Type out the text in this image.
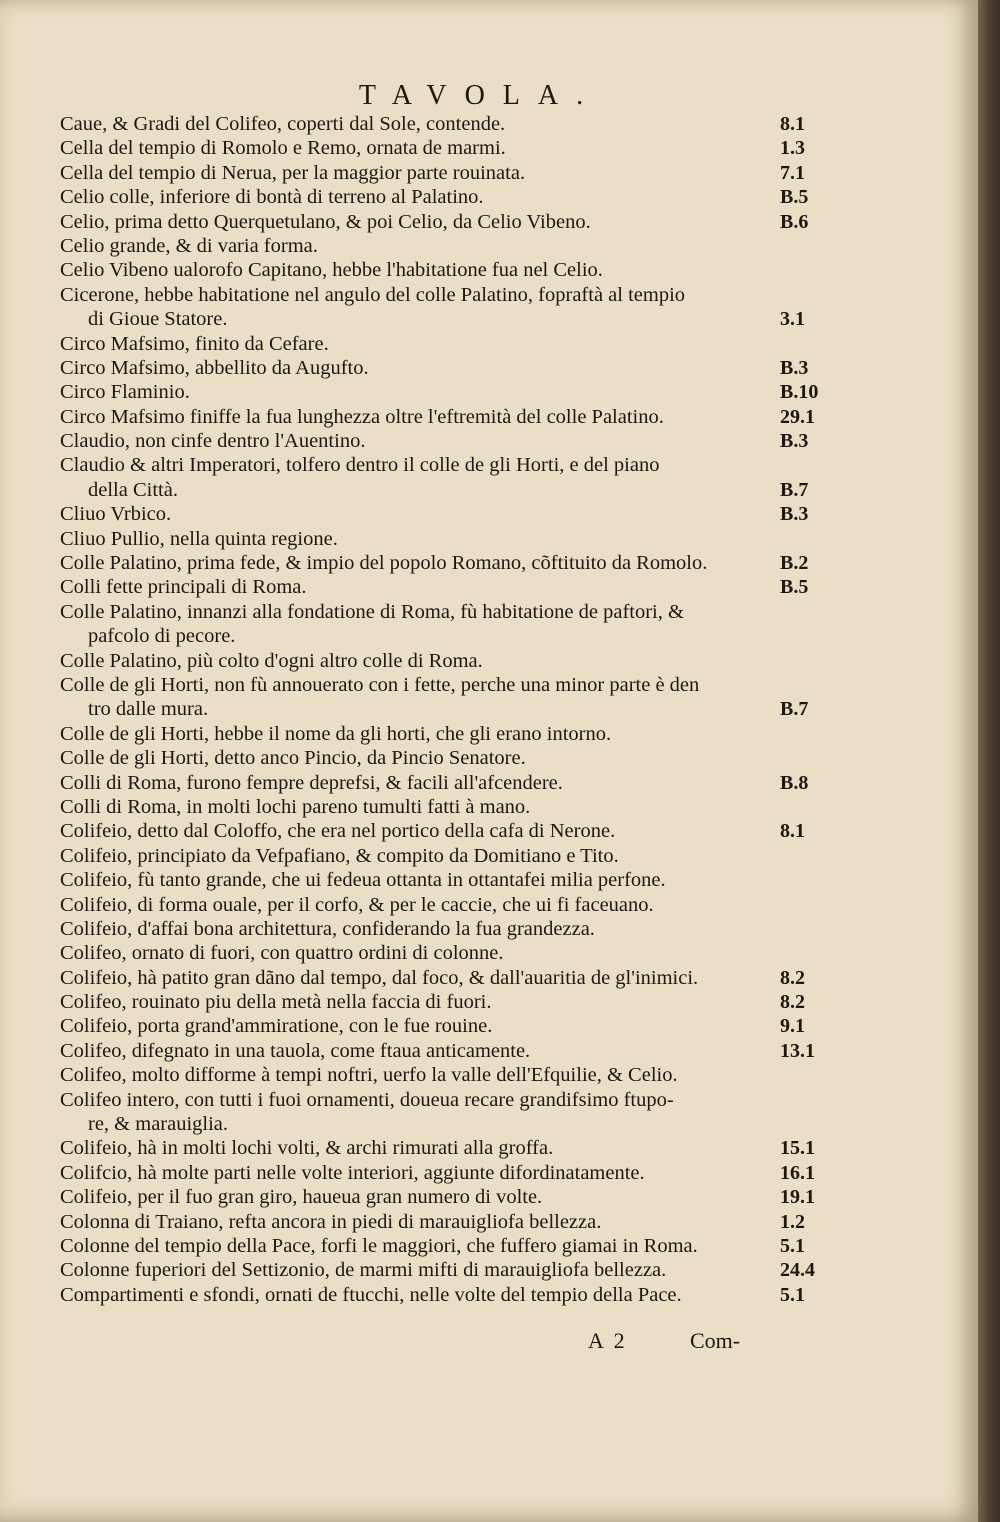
TAVOLA.
Caue, & Gradi del Colifeo, coperti dal Sole, contende.	8.1
Cella del tempio di Romolo e Remo, ornata de marmi.	1.3
Cella del tempio di Nerua, per la maggior parte rouinata.	7.1
Celio colle, inferiore di bontà di terreno al Palatino.	B.5
Celio, prima detto Querquetulano, & poi Celio, da Celio Vibeno.	B.6
Celio grande, & di varia forma.
Celio Vibeno ualorofo Capitano, hebbe l'habitatione fua nel Celio.
Cicerone, hebbe habitatione nel angulo del colle Palatino, fopraftà al tempio
di Gioue Statore.	3.1
Circo Mafsimo, finito da Cefare.
Circo Mafsimo, abbellito da Augufto.	B.3
Circo Flaminio.	B.10
Circo Mafsimo finiffe la fua lunghezza oltre l'eftremità del colle Palatino.	29.1
Claudio, non cinfe dentro l'Auentino.	B.3
Claudio & altri Imperatori, tolfero dentro il colle de gli Horti, e del piano
della Città.	B.7
Cliuo Vrbico.	B.3
Cliuo Pullio, nella quinta regione.
Colle Palatino, prima fede, & impio del popolo Romano, cõftituito da Romolo.	B.2
Colli fette principali di Roma.	B.5
Colle Palatino, innanzi alla fondatione di Roma, fù habitatione de paftori, &
pafcolo di pecore.
Colle Palatino, più colto d'ogni altro colle di Roma.
Colle de gli Horti, non fù annouerato con i fette, perche una minor parte è den
tro dalle mura.	B.7
Colle de gli Horti, hebbe il nome da gli horti, che gli erano intorno.
Colle de gli Horti, detto anco Pincio, da Pincio Senatore.
Colli di Roma, furono fempre deprefsi, & facili all'afcendere.	B.8
Colli di Roma, in molti lochi pareno tumulti fatti à mano.
Colifeio, detto dal Coloffo, che era nel portico della cafa di Nerone.	8.1
Colifeio, principiato da Vefpafiano, & compito da Domitiano e Tito.
Colifeio, fù tanto grande, che ui fedeua ottanta in ottantafei milia perfone.
Colifeio, di forma ouale, per il corfo, & per le caccie, che ui fi faceuano.
Colifeio, d'affai bona architettura, confiderando la fua grandezza.
Colifeo, ornato di fuori, con quattro ordini di colonne.
Colifeio, hà patito gran dãno dal tempo, dal foco, & dall'auaritia de gl'inimici.	8.2
Colifeo, rouinato piu della metà nella faccia di fuori.	8.2
Colifeio, porta grand'ammiratione, con le fue rouine.	9.1
Colifeo, difegnato in una tauola, come ftaua anticamente.	13.1
Colifeo, molto difforme à tempi noftri, uerfo la valle dell'Efquilie, & Celio.
Colifeo intero, con tutti i fuoi ornamenti, doueua recare grandifsimo ftupo-
re, & marauiglia.
Colifeio, hà in molti lochi volti, & archi rimurati alla groffa.	15.1
Colifcio, hà molte parti nelle volte interiori, aggiunte difordinatamente.	16.1
Colifeio, per il fuo gran giro, haueua gran numero di volte.	19.1
Colonna di Traiano, refta ancora in piedi di marauigliofa bellezza.	1.2
Colonne del tempio della Pace, forfi le maggiori, che fuffero giamai in Roma.	5.1
Colonne fuperiori del Settizonio, de marmi mifti di marauigliofa bellezza.	24.4
Compartimenti e sfondi, ornati de ftucchi, nelle volte del tempio della Pace.	5.1
A  2	Com-
